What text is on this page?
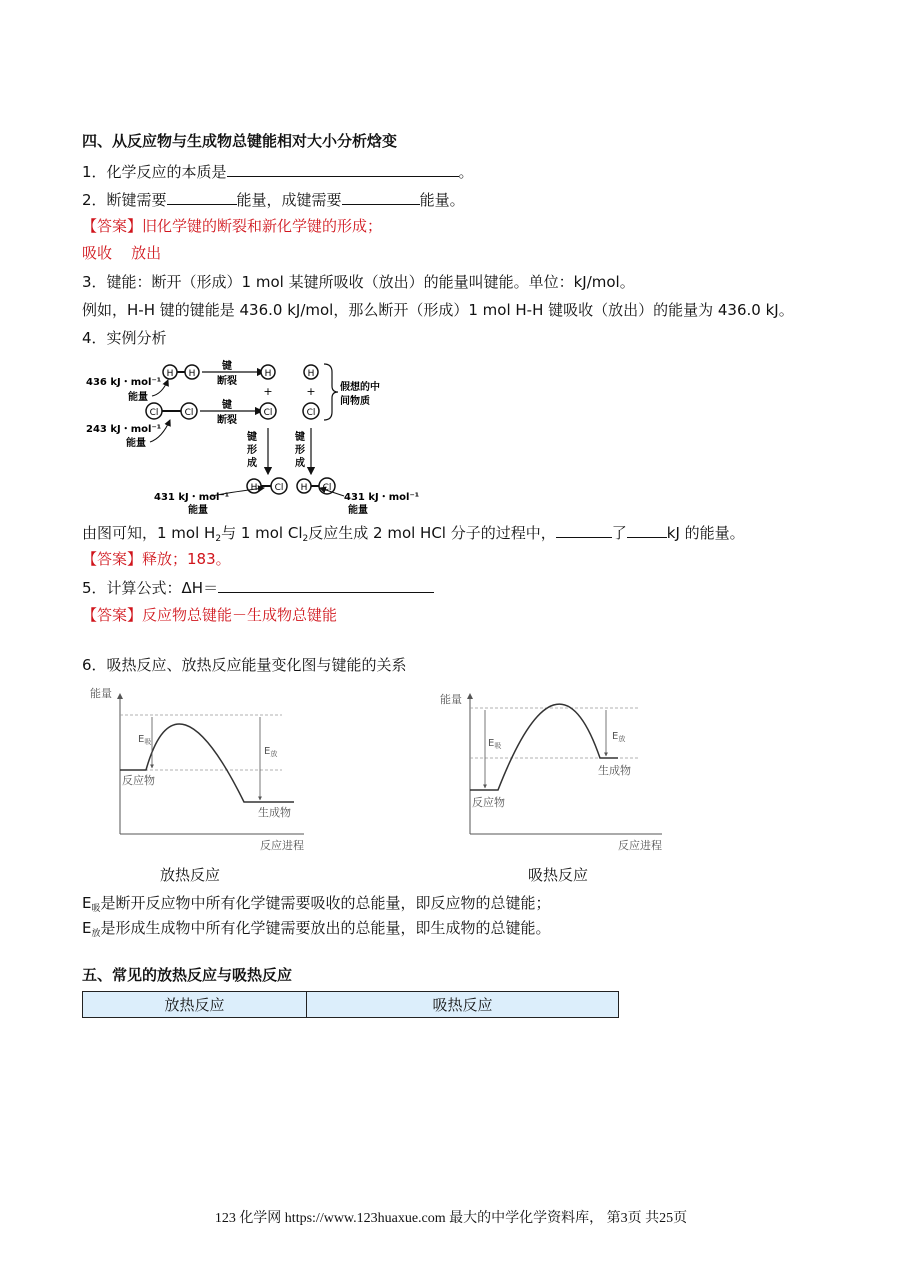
四、从反应物与生成物总键能相对大小分析焓变
1．化学反应的本质是	。
2．断键需要	能量，成键需要	能量。
【答案】旧化学键的断裂和新化学键的形成；
吸收    放出
3．键能：断开（形成）1 mol 某键所吸收（放出）的能量叫键能。单位：kJ/mol。
例如，H-H 键的键能是 436.0 kJ/mol，那么断开（形成）1 mol H-H 键吸收（放出）的能量为 436.0 kJ。
4．实例分析
H H
Cl	Cl
436 kJ・mol⁻¹
能量
243 kJ・mol⁻¹
能量
键
断裂
键
断裂
H
+
Cl
H
+
Cl
假想的中
间物质
键
形
成
键
形
成
H Cl H Cl
431 kJ・mol⁻¹
能量
431 kJ・mol⁻¹
能量
由图可知，1 mol $H_2$与 1 mol $Cl_2$反应生成 2 mol HCl 分子的过程中，	了	kJ 的能量。
【答案】释放；183。
5．计算公式：ΔH＝
【答案】反应物总键能－生成物总键能
6．吸热反应、放热反应能量变化图与键能的关系
能量
反应进程
$E_吸$
$E_放$
反应物
生成物
放热反应
能量
反应进程
$E_吸$
$E_放$
生成物
反应物
吸热反应
$E_吸$是断开反应物中所有化学键需要吸收的总能量，即反应物的总键能；
$E_放$是形成生成物中所有化学键需要放出的总能量，即生成物的总键能。
五、常见的放热反应与吸热反应
放热反应	吸热反应
123 化学网 https://www.123huaxue.com 最大的中学化学资料库， 第3页 共25页
